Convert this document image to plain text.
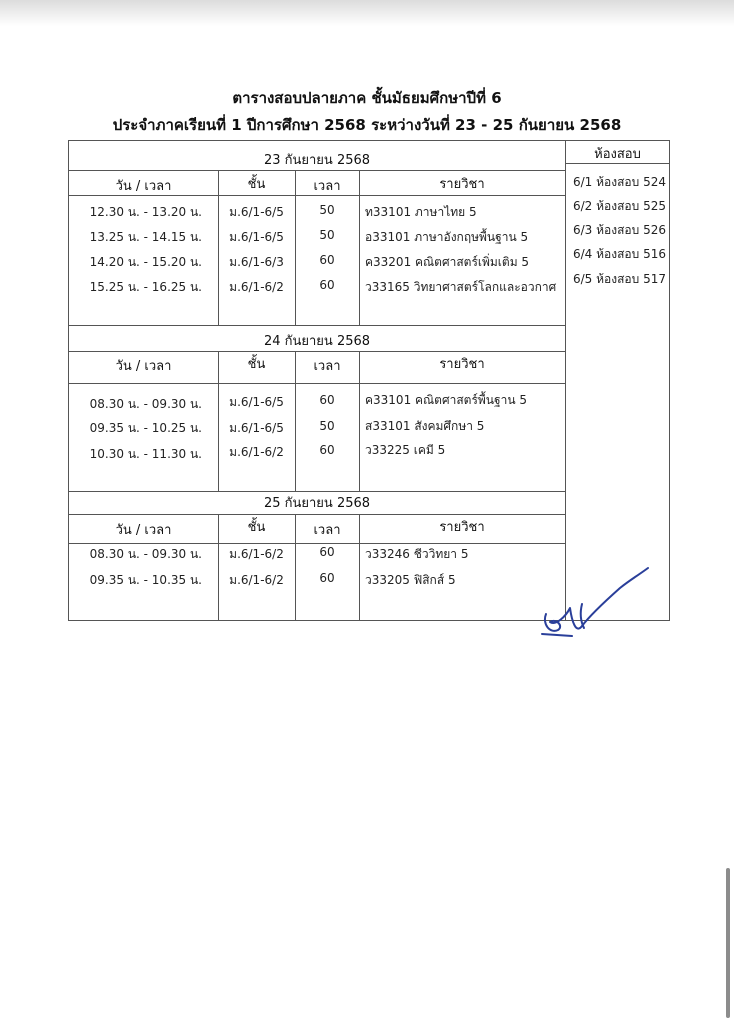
ตารางสอบปลายภาค ชั้นมัธยมศึกษาปีที่ 6
ประจำภาคเรียนที่ 1 ปีการศึกษา 2568 ระหว่างวันที่ 23 - 25 กันยายน 2568
23 กันยายน 2568
วัน / เวลา	ชั้น	เวลา	รายวิชา
12.30 น. - 13.20 น.	ม.6/1-6/5	50	ท33101 ภาษาไทย 5
13.25 น. - 14.15 น.	ม.6/1-6/5	50	อ33101 ภาษาอังกฤษพื้นฐาน 5
14.20 น. - 15.20 น.	ม.6/1-6/3	60	ค33201 คณิตศาสตร์เพิ่มเติม 5
15.25 น. - 16.25 น.	ม.6/1-6/2	60	ว33165 วิทยาศาสตร์โลกและอวกาศ
24 กันยายน 2568
วัน / เวลา	ชั้น	เวลา	รายวิชา
08.30 น. - 09.30 น.	ม.6/1-6/5	60	ค33101 คณิตศาสตร์พื้นฐาน 5
09.35 น. - 10.25 น.	ม.6/1-6/5	50	ส33101 สังคมศึกษา 5
10.30 น. - 11.30 น.	ม.6/1-6/2	60	ว33225 เคมี 5
25 กันยายน 2568
วัน / เวลา	ชั้น	เวลา	รายวิชา
08.30 น. - 09.30 น.	ม.6/1-6/2	60	ว33246 ชีววิทยา 5
09.35 น. - 10.35 น.	ม.6/1-6/2	60	ว33205 ฟิสิกส์ 5
ห้องสอบ
6/1 ห้องสอบ 524
6/2 ห้องสอบ 525
6/3 ห้องสอบ 526
6/4 ห้องสอบ 516
6/5 ห้องสอบ 517
